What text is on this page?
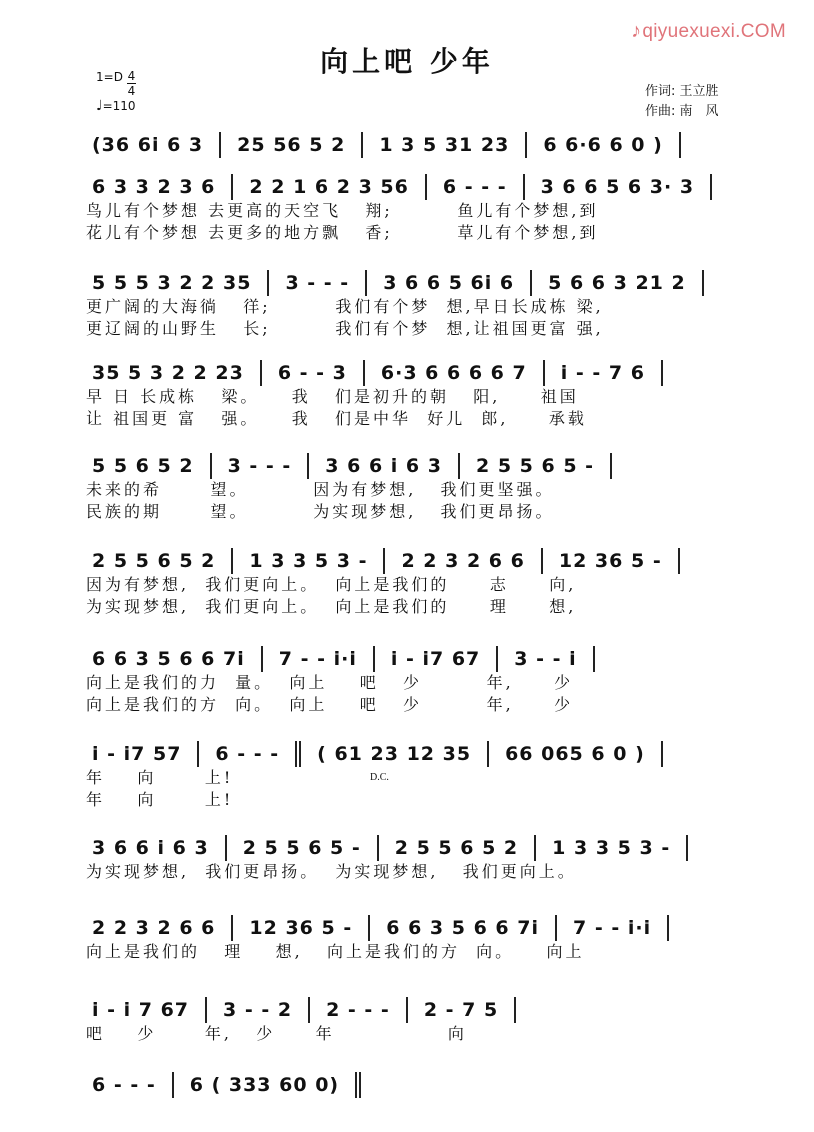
♪qiyuexuexi.COM
向上吧 少年
1=D 4
4
♩=110
作词: 王立胜
作曲: 南　风
(36 6i 6 3	25 56 5 2	1 3 5 31 23	6 6·6 6 0 )
6 3 3 2 3 6	2 2 1 6 2 3 56	6 - - -	3 6 6 5 6 3· 3
鸟儿有个梦想 去更高的天空飞   翔;        鱼儿有个梦想,到
花儿有个梦想 去更多的地方飘   香;        草儿有个梦想,到
5 5 5 3 2 2 35	3 - - -	3 6 6 5 6i 6	5 6 6 3 21 2
更广阔的大海徜   徉;        我们有个梦  想,早日长成栋 梁,
更辽阔的山野生   长;        我们有个梦  想,让祖国更富 强,
35 5 3 2 2 23	6 - - 3	6·3 6 6 6 6 7	i - - 7 6
早 日 长成栋   梁。    我   们是初升的朝   阳,     祖国
让 祖国更 富   强。    我   们是中华  好儿  郎,     承载
5 5 6 5 2	3 - - -	3 6 6 i 6 3	2 5 5 6 5 -
未来的希      望。        因为有梦想,   我们更坚强。
民族的期      望。        为实现梦想,   我们更昂扬。
2 5 5 6 5 2	1 3 3 5 3 -	2 2 3 2 6 6	12 36 5 -
因为有梦想,  我们更向上。  向上是我们的     志     向,
为实现梦想,  我们更向上。  向上是我们的     理     想,
6 6 3 5 6 6 7i	7 - - i·i	i - i7 67	3 - - i
向上是我们的力  量。  向上    吧   少        年,     少
向上是我们的方  向。  向上    吧   少        年,     少
i - i7 57	6 - - -	( 61 23 12 35	66 065 6 0 )
年    向      上!
年    向      上!
3 6 6 i 6 3	2 5 5 6 5 -	2 5 5 6 5 2	1 3 3 5 3 -
为实现梦想,  我们更昂扬。  为实现梦想,   我们更向上。
2 2 3 2 6 6	12 36 5 -	6 6 3 5 6 6 7i	7 - - i·i
向上是我们的   理    想,   向上是我们的方  向。    向上
i - i 7 67	3 - - 2	2 - - -	2 - 7 5
吧    少      年,   少     年              向
6 - - -	6 ( 333 60 0)
D.C.
